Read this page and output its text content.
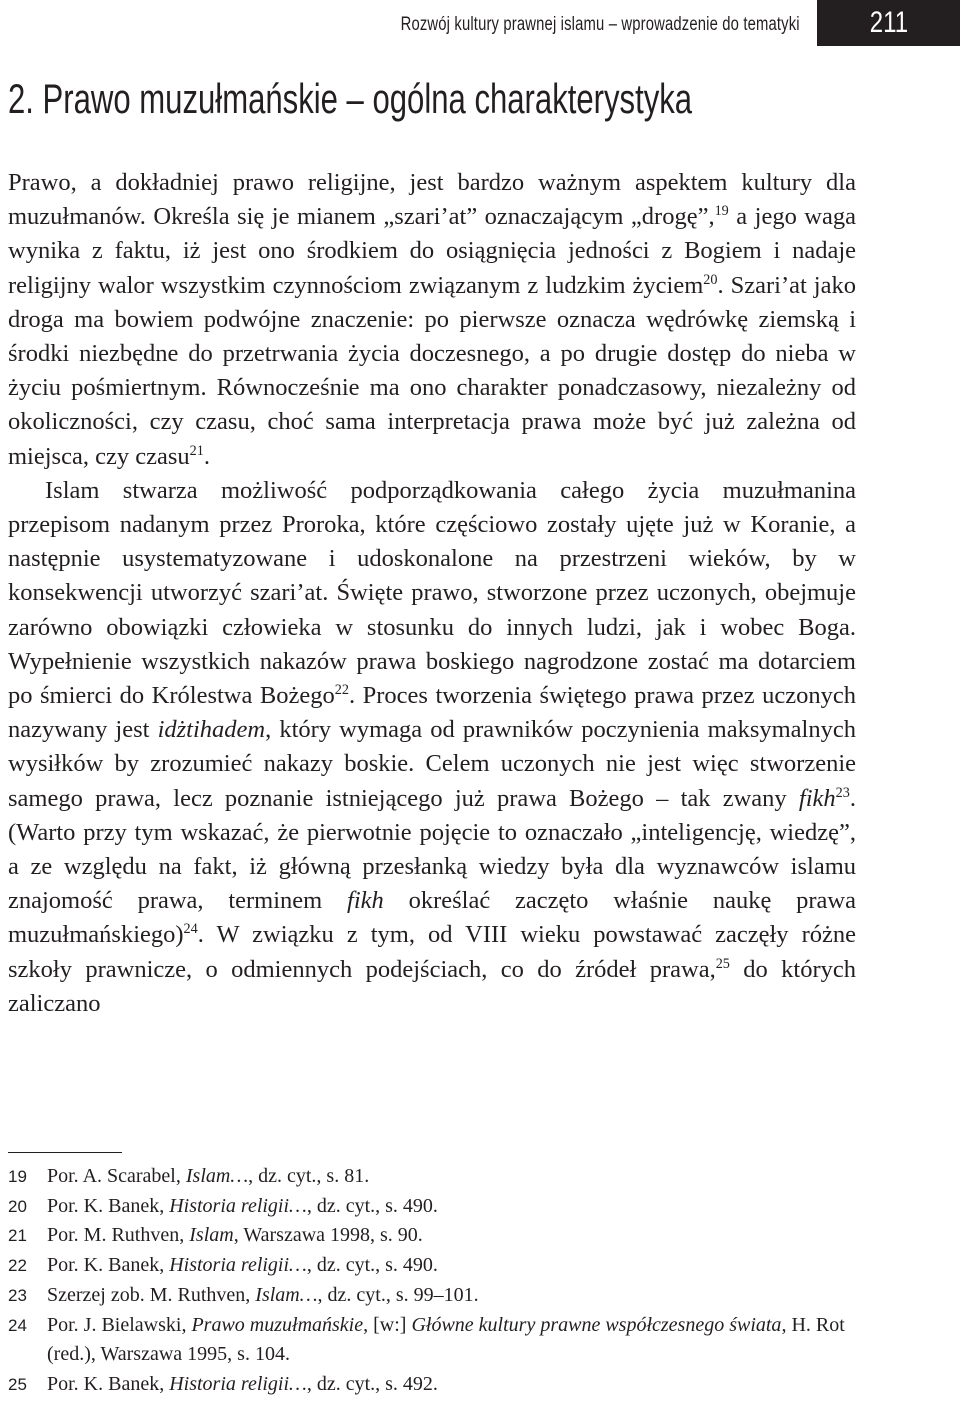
Rozwój kultury prawnej islamu – wprowadzenie do tematyki 211
2. Prawo muzułmańskie – ogólna charakterystyka

Prawo, a dokładniej prawo religijne, jest bardzo ważnym aspektem kultury dla muzułmanów. Określa się je mianem „szari’at” oznaczającym „drogę”,$^{19}$ a jego waga wynika z faktu, iż jest ono środkiem do osiągnięcia jedności z Bogiem i nadaje religijny walor wszystkim czynnościom związanym z ludzkim życiem$^{20}$. Szari’at jako droga ma bowiem podwójne znaczenie: po pierwsze oznacza wędrówkę ziemską i środki niezbędne do przetrwania życia doczesnego, a po drugie dostęp do nieba w życiu pośmiertnym. Równocześnie ma ono charakter ponadczasowy, niezależny od okoliczności, czy czasu, choć sama interpretacja prawa może być już zależna od miejsca, czy czasu$^{21}$.

Islam stwarza możliwość podporządkowania całego życia muzułmanina przepisom nadanym przez Proroka, które częściowo zostały ujęte już w Koranie, a następnie usystematyzowane i udoskonalone na przestrzeni wieków, by w konsekwencji utworzyć szari’at. Święte prawo, stworzone przez uczonych, obejmuje zarówno obowiązki człowieka w stosunku do innych ludzi, jak i wobec Boga. Wypełnienie wszystkich nakazów prawa boskiego nagrodzone zostać ma dotarciem po śmierci do Królestwa Bożego$^{22}$. Proces tworzenia świętego prawa przez uczonych nazywany jest idżtihadem, który wymaga od prawników poczynienia maksymalnych wysiłków by zrozumieć nakazy boskie. Celem uczonych nie jest więc stworzenie samego prawa, lecz poznanie istniejącego już prawa Bożego – tak zwany fikh$^{23}$. (Warto przy tym wskazać, że pierwotnie pojęcie to oznaczało „inteligencję, wiedzę”, a ze względu na fakt, iż główną przesłanką wiedzy była dla wyznawców islamu znajomość prawa, terminem fikh określać zaczęto właśnie naukę prawa muzułmańskiego)$^{24}$. W związku z tym, od VIII wieku powstawać zaczęły różne szkoły prawnicze, o odmiennych podejściach, co do źródeł prawa,$^{25}$ do których zaliczano

19	Por. A. Scarabel, Islam…, dz. cyt., s. 81.
20	Por. K. Banek, Historia religii…, dz. cyt., s. 490.
21	Por. M. Ruthven, Islam, Warszawa 1998, s. 90.
22	Por. K. Banek, Historia religii…, dz. cyt., s. 490.
23	Szerzej zob. M. Ruthven, Islam…, dz. cyt., s. 99–101.
24	Por. J. Bielawski, Prawo muzułmańskie, [w:] Główne kultury prawne współczesnego świata, H. Rot (red.), Warszawa 1995, s. 104.
25	Por. K. Banek, Historia religii…, dz. cyt., s. 492.
